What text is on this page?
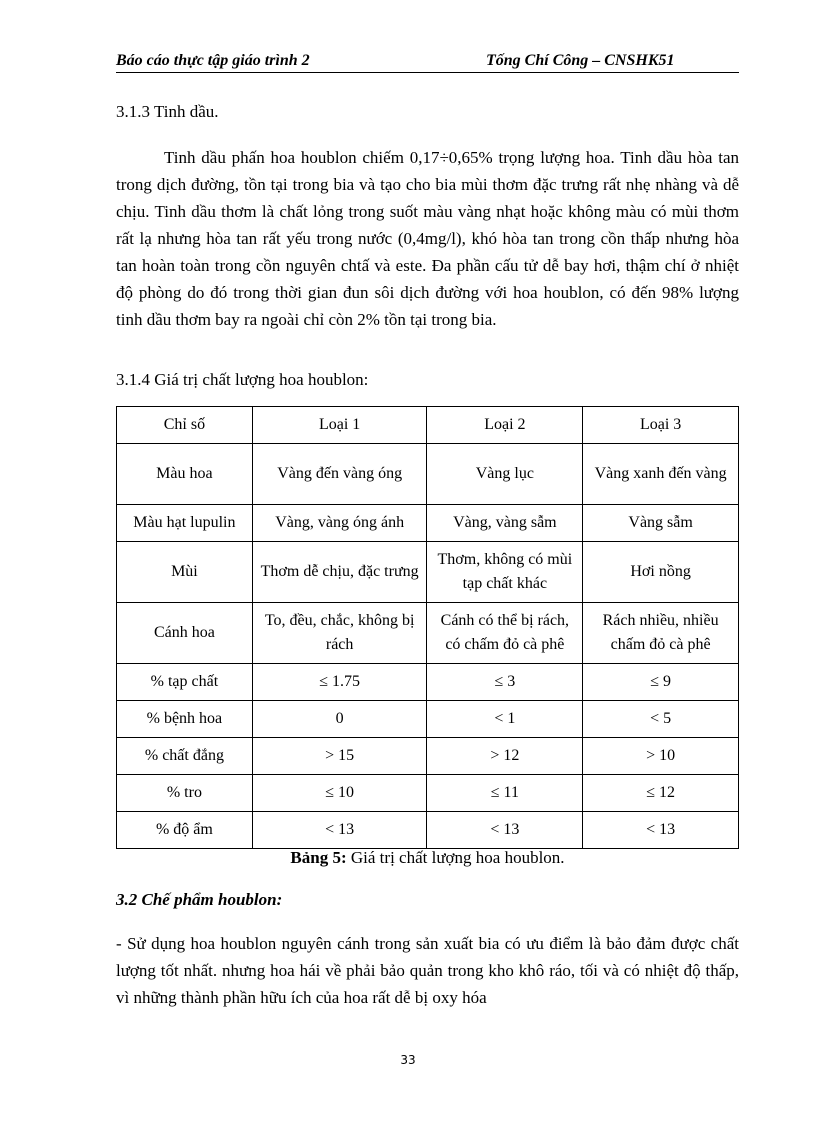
Báo cáo thực tập giáo trình 2	Tống Chí Công – CNSHK51
3.1.3 Tinh dầu.

Tinh dầu phấn hoa houblon chiếm 0,17÷0,65% trọng lượng hoa. Tinh dầu hòa tan trong dịch đường, tồn tại trong bia và tạo cho bia mùi thơm đặc trưng rất nhẹ nhàng và dễ chịu. Tinh dầu thơm là chất lỏng trong suốt màu vàng nhạt hoặc không màu có mùi thơm rất lạ nhưng hòa tan rất yếu trong nước (0,4mg/l), khó hòa tan trong cồn thấp nhưng hòa tan hoàn toàn trong cồn nguyên chtấ và este. Đa phần cấu tử dễ bay hơi, thậm chí ở nhiệt độ phòng do đó trong thời gian đun sôi dịch đường với hoa houblon, có đến 98% lượng tinh dầu thơm bay ra ngoài chỉ còn 2% tồn tại trong bia.

3.1.4 Giá trị chất lượng hoa houblon:
Chỉ số	Loại 1	Loại 2	Loại 3
Màu hoa	Vàng đến vàng óng	Vàng lục	Vàng xanh đến vàng
Màu hạt lupulin	Vàng, vàng óng ánh	Vàng, vàng sẫm	Vàng sẫm
Mùi	Thơm dễ chịu, đặc trưng	Thơm, không có mùi tạp chất khác	Hơi nồng
Cánh hoa	To, đều, chắc, không bị rách	Cánh có thể bị rách, có chấm đỏ cà phê	Rách nhiều, nhiều chấm đỏ cà phê
% tạp chất	≤ 1.75	≤ 3	≤ 9
% bệnh hoa	0	< 1	< 5
% chất đắng	> 15	> 12	> 10
% tro	≤ 10	≤ 11	≤ 12
% độ ẩm	< 13	< 13	< 13
Bảng 5: Giá trị chất lượng hoa houblon.
3.2 Chế phẩm houblon:

- Sử dụng hoa houblon nguyên cánh trong sản xuất bia có ưu điểm là bảo đảm được chất lượng tốt nhất. nhưng hoa hái về phải bảo quản trong kho khô ráo, tối và có nhiệt độ thấp, vì những thành phần hữu ích của hoa rất dễ bị oxy hóa

33
